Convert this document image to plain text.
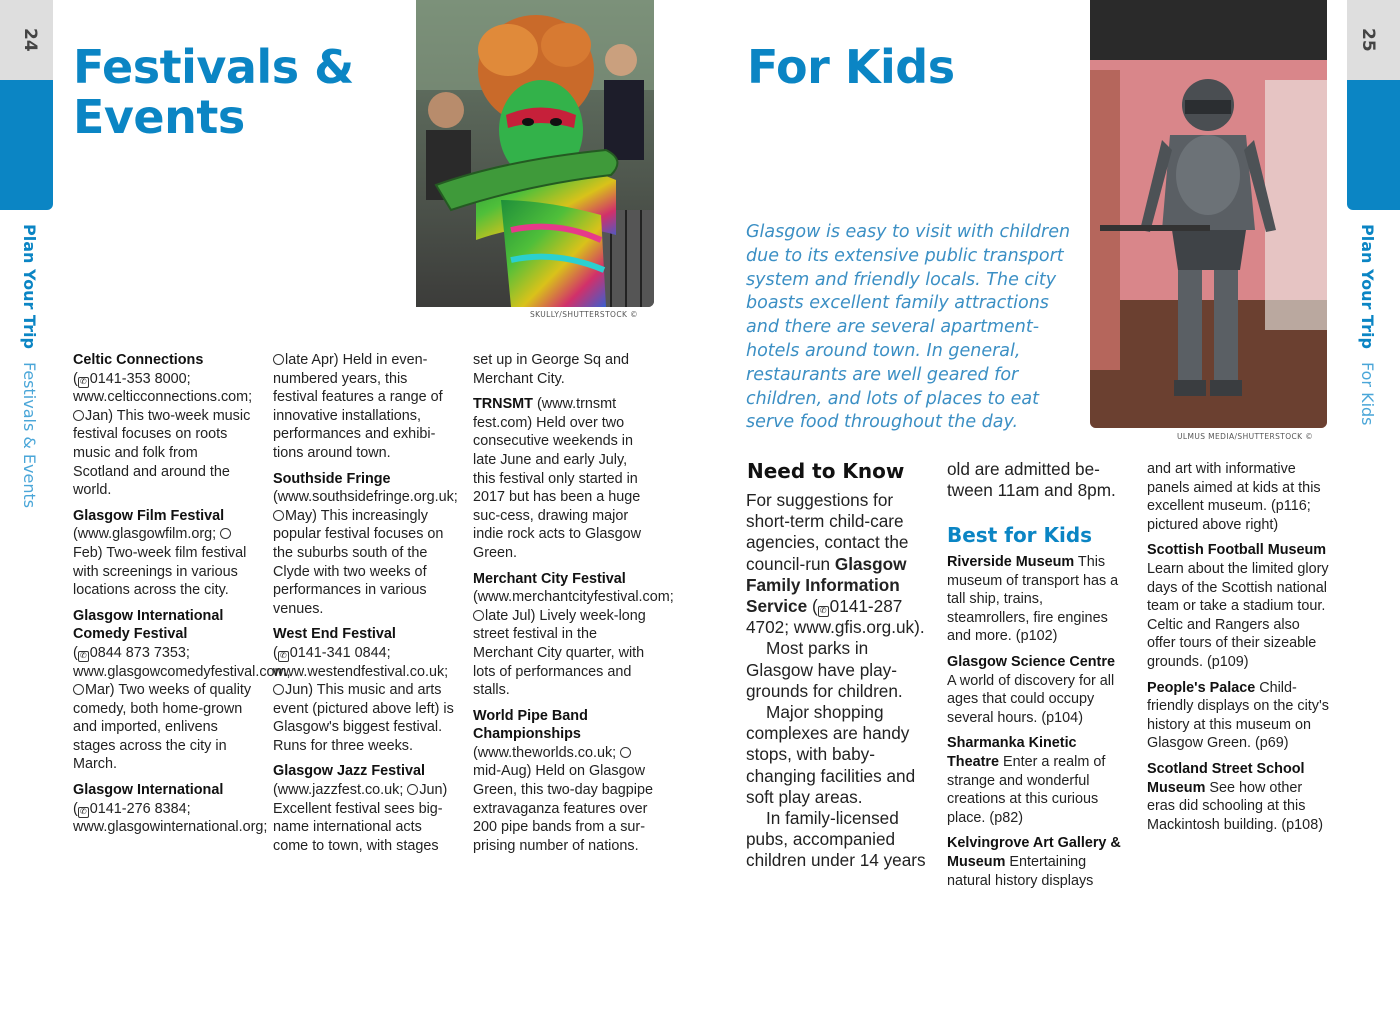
24
Plan Your Trip Festivals & Events
25
Plan Your Trip For Kids
Festivals &
Events
SKULLY/SHUTTERSTOCK ©
Celtic Connections
( ✆ 0141-353 8000; www.celticconnections.com; Jan) This two-week music festival focuses on roots music and folk from Scotland and around the world.
Glasgow Film Festival
(www.glasgowfilm.org; Feb) Two-week film festival with screenings in various locations across the city.
Glasgow International Comedy Festival
( ✆ 0844 873 7353; www.glasgowcomedyfestival.com; Mar) Two weeks of quality comedy, both home-grown and imported, enlivens stages across the city in March.
Glasgow International
( ✆ 0141-276 8384; www.glasgowinternational.org;
late Apr) Held in even-numbered years, this festival features a range of innovative installations, performances and exhibi-tions around town.
Southside Fringe (www.southsidefringe.org.uk; May) This increasingly popular festival focuses on the suburbs south of the Clyde with two weeks of performances in various venues.
West End Festival
( ✆ 0141-341 0844; www.westendfestival.co.uk; Jun) This music and arts event (pictured above left) is Glasgow's biggest festival. Runs for three weeks.
Glasgow Jazz Festival
(www.jazzfest.co.uk; Jun) Excellent festival sees big-name international acts come to town, with stages
set up in George Sq and Merchant City.
TRNSMT (www.trnsmt fest.com) Held over two consecutive weekends in late June and early July, this festival only started in 2017 but has been a huge suc-cess, drawing major indie rock acts to Glasgow Green.
Merchant City Festival
(www.merchantcityfestival.com; late Jul) Lively week-long street festival in the Merchant City quarter, with lots of performances and stalls.
World Pipe Band Championships (www.theworlds.co.uk; mid-Aug) Held on Glasgow Green, this two-day bagpipe extravaganza features over 200 pipe bands from a sur-prising number of nations.
For Kids
ULMUS MEDIA/SHUTTERSTOCK ©
Glasgow is easy to visit with children due to its extensive public transport system and friendly locals. The city boasts excellent family attractions and there are several apartment-hotels around town. In general, restaurants are well geared for children, and lots of places to eat serve food throughout the day.
Need to Know

For suggestions for short-term child-care agencies, contact the council-run Glasgow Family Information Service ( ✆ 0141-287 4702; www.gfis.org.uk).

Most parks in Glasgow have play-grounds for children.

Major shopping complexes are handy stops, with baby-changing facilities and soft play areas.

In family-licensed pubs, accompanied children under 14 years

old are admitted be-tween 11am and 8pm.

Best for Kids
Riverside Museum This museum of transport has a tall ship, trains, steamrollers, fire engines and more. (p102)
Glasgow Science Centre
A world of discovery for all ages that could occupy several hours. (p104)
Sharmanka Kinetic Theatre Enter a realm of strange and wonderful creations at this curious place. (p82)
Kelvingrove Art Gallery & Museum Entertaining natural history displays
and art with informative panels aimed at kids at this excellent museum. (p116; pictured above right)
Scottish Football Museum
Learn about the limited glory days of the Scottish national team or take a stadium tour. Celtic and Rangers also offer tours of their sizeable grounds. (p109)
People's Palace Child-friendly displays on the city's history at this museum on Glasgow Green. (p69)
Scotland Street School Museum See how other eras did schooling at this Mackintosh building. (p108)
